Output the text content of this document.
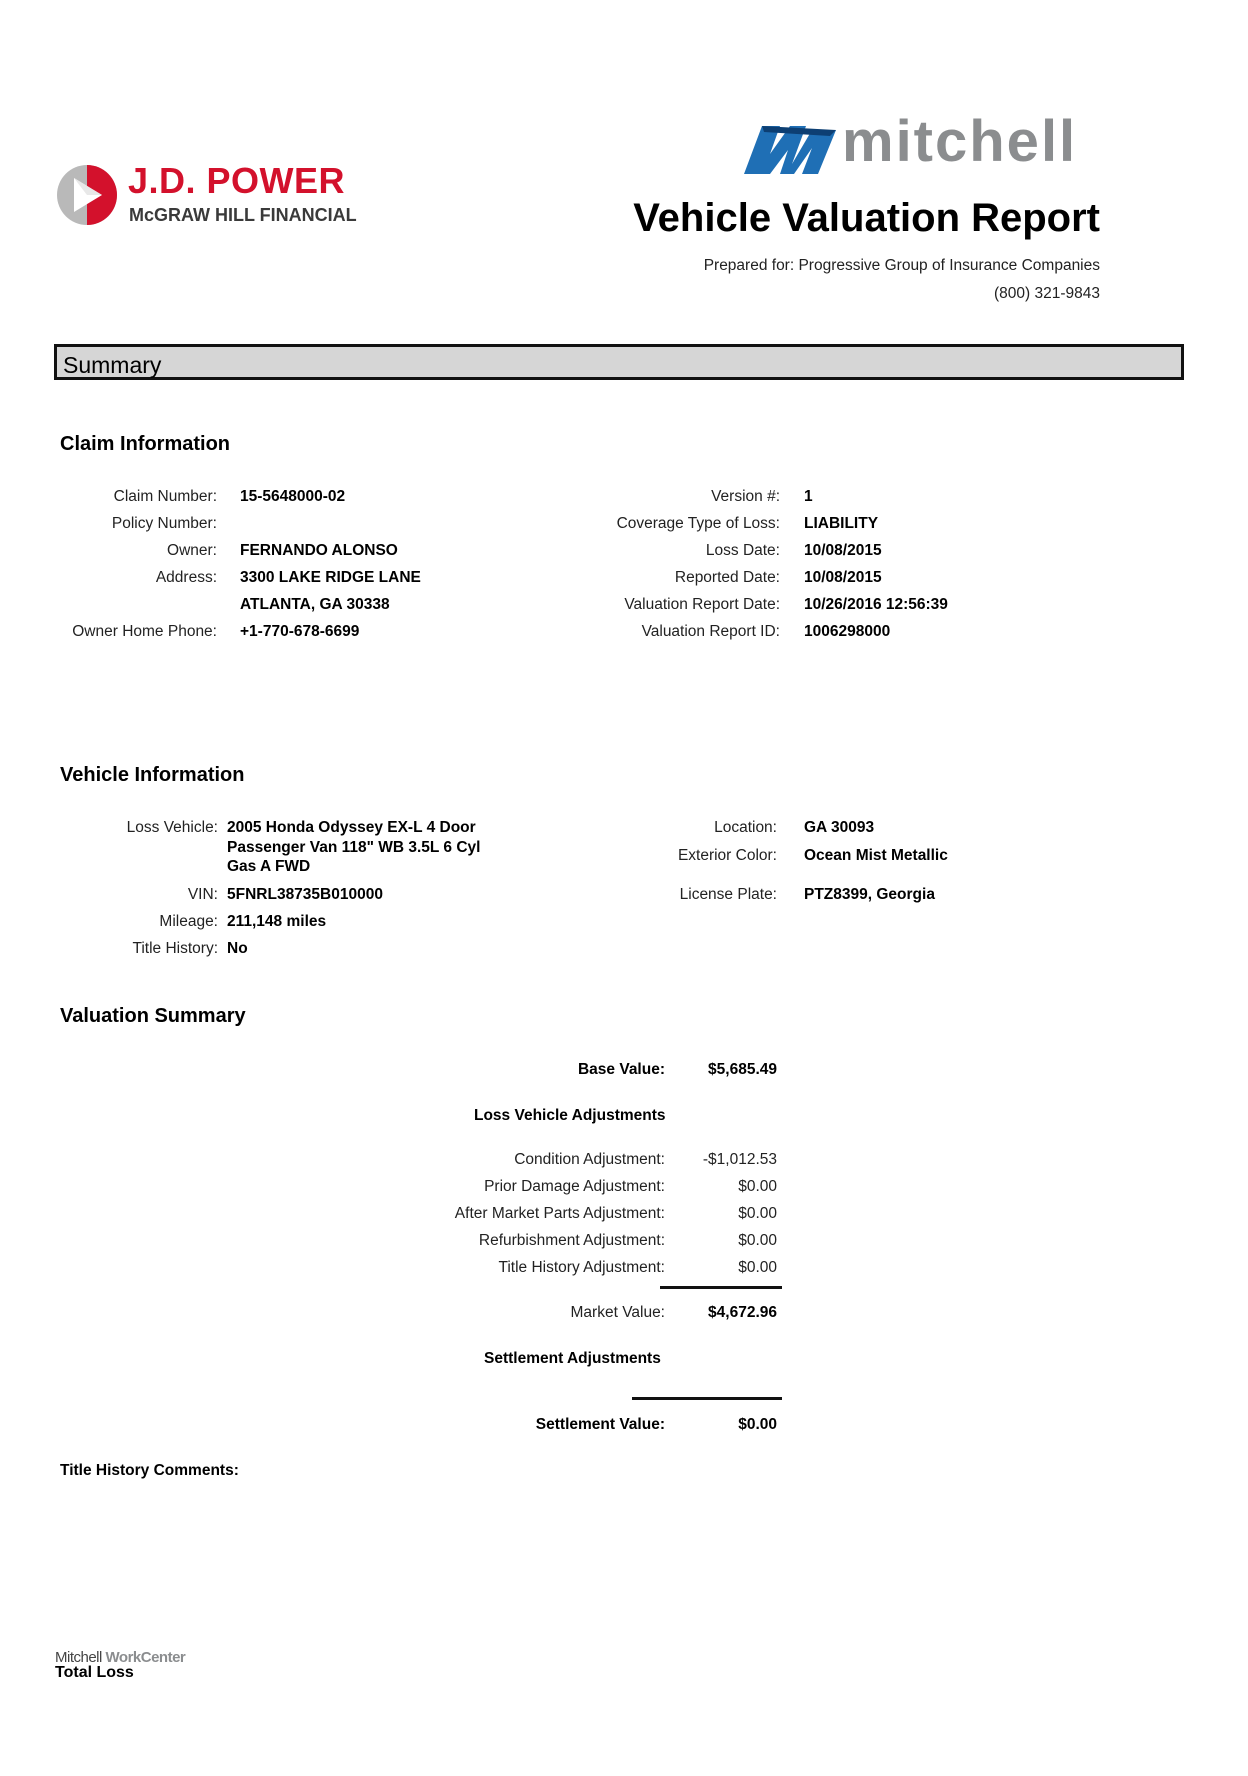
J.D. POWER
McGRAW HILL FINANCIAL
mitchell
Vehicle Valuation Report
Prepared for: Progressive Group of Insurance Companies
(800) 321-9843
Summary
Claim Information
Claim Number: 15-5648000-02
Policy Number:
Owner: FERNANDO ALONSO
Address: 3300 LAKE RIDGE LANE
ATLANTA, GA 30338
Owner Home Phone: +1-770-678-6699
Version #: 1
Coverage Type of Loss: LIABILITY
Loss Date: 10/08/2015
Reported Date: 10/08/2015
Valuation Report Date: 10/26/2016 12:56:39
Valuation Report ID: 1006298000
Vehicle Information
Loss Vehicle: 2005 Honda Odyssey EX-L 4 Door
Passenger Van 118" WB 3.5L 6 Cyl
Gas A FWD
VIN: 5FNRL38735B010000
Mileage: 211,148 miles
Title History: No
Location: GA 30093
Exterior Color: Ocean Mist Metallic
License Plate: PTZ8399, Georgia
Valuation Summary
Base Value:	$5,685.49
Loss Vehicle Adjustments
Condition Adjustment: -$1,012.53
Prior Damage Adjustment:	$0.00
After Market Parts Adjustment:	$0.00
Refurbishment Adjustment:	$0.00
Title History Adjustment:	$0.00
Market Value:	$4,672.96
Settlement Adjustments
Settlement Value:	$0.00
Title History Comments:
Mitchell WorkCenter
Total Loss
